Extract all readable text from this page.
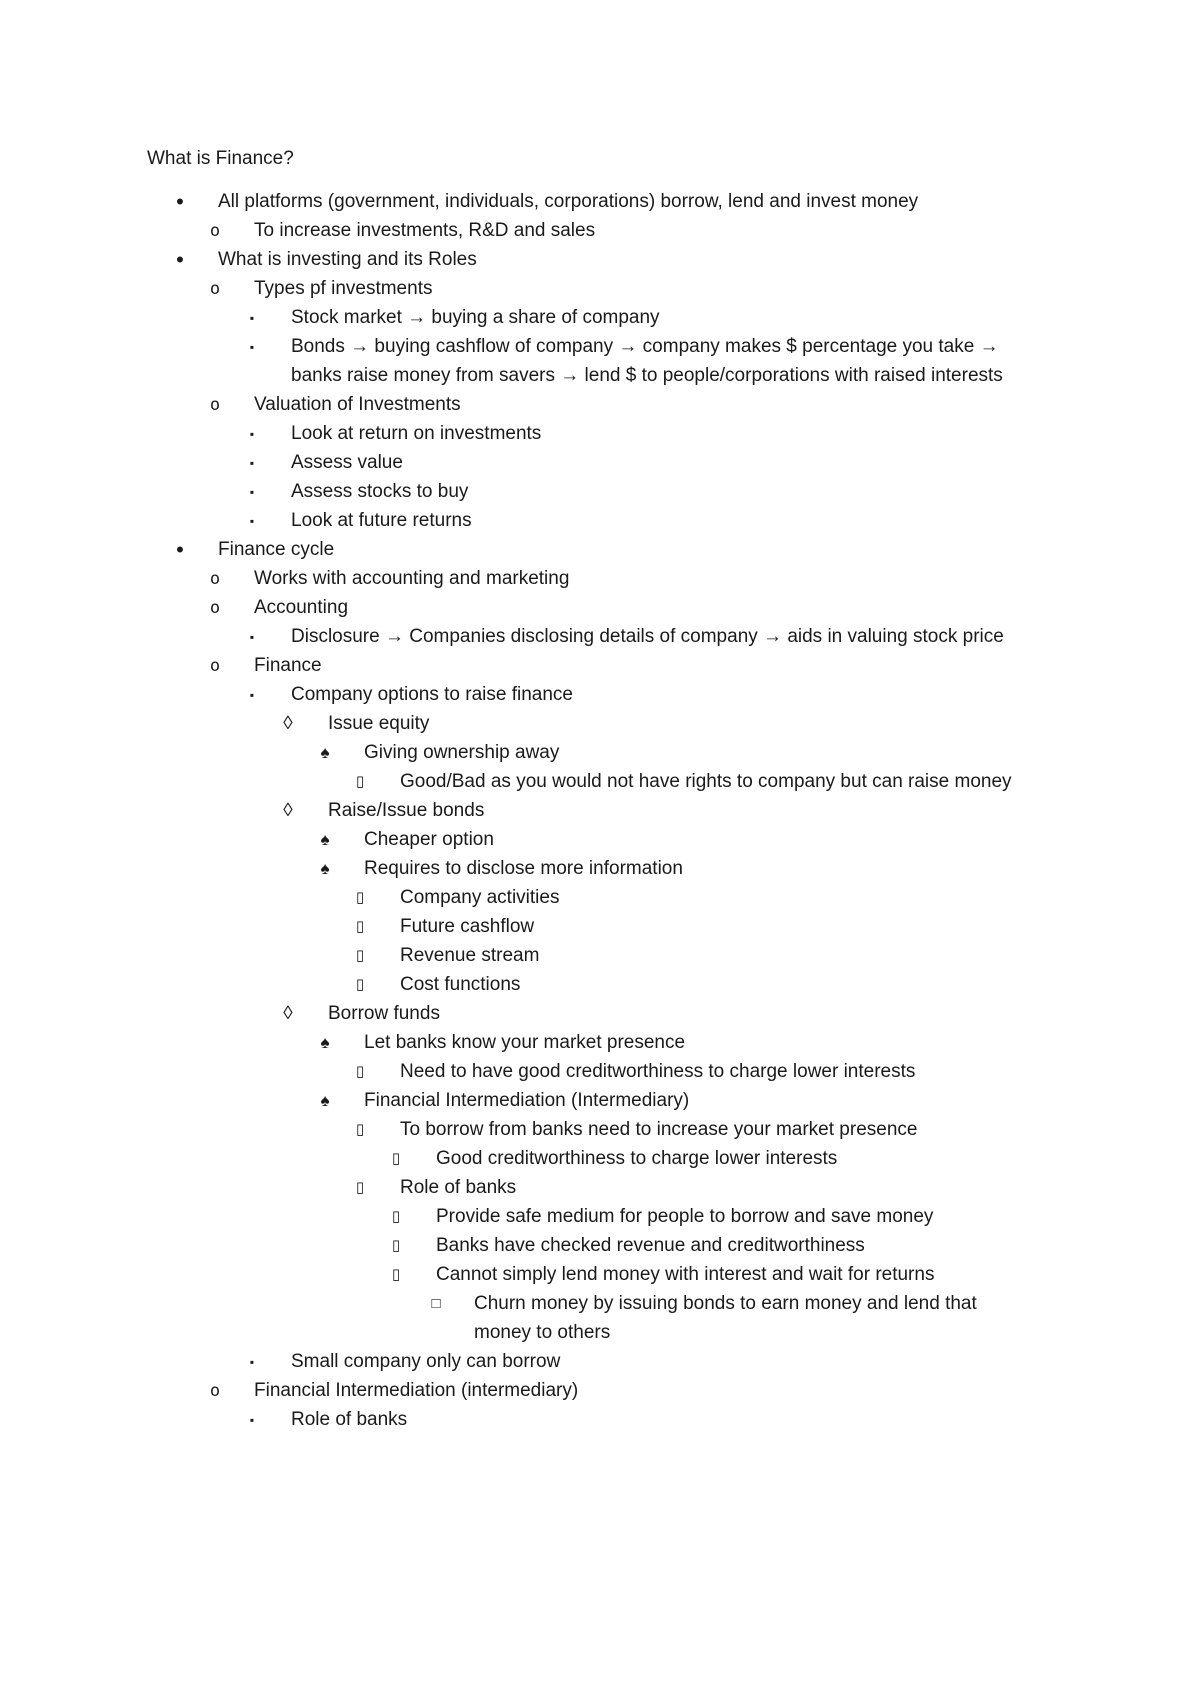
What is Finance?
•	All platforms (government, individuals, corporations) borrow, lend and invest money
o	To increase investments, R&D and sales
•	What is investing and its Roles
o	Types pf investments
▪	Stock market → buying a share of company
▪	Bonds → buying cashflow of company → company makes $ percentage you take →
banks raise money from savers → lend $ to people/corporations with raised interests
o	Valuation of Investments
▪	Look at return on investments
▪	Assess value
▪	Assess stocks to buy
▪	Look at future returns
•	Finance cycle
o	Works with accounting and marketing
o	Accounting
▪	Disclosure → Companies disclosing details of company → aids in valuing stock price
o	Finance
▪	Company options to raise finance
◊	Issue equity
♠	Giving ownership away
▯	Good/Bad as you would not have rights to company but can raise money
◊	Raise/Issue bonds
♠	Cheaper option
♠	Requires to disclose more information
▯	Company activities
▯	Future cashflow
▯	Revenue stream
▯	Cost functions
◊	Borrow funds
♠	Let banks know your market presence
▯	Need to have good creditworthiness to charge lower interests
♠	Financial Intermediation (Intermediary)
▯	To borrow from banks need to increase your market presence
▯	Good creditworthiness to charge lower interests
▯	Role of banks
▯	Provide safe medium for people to borrow and save money
▯	Banks have checked revenue and creditworthiness
▯	Cannot simply lend money with interest and wait for returns
□	Churn money by issuing bonds to earn money and lend that
money to others
▪	Small company only can borrow
o	Financial Intermediation (intermediary)
▪	Role of banks
